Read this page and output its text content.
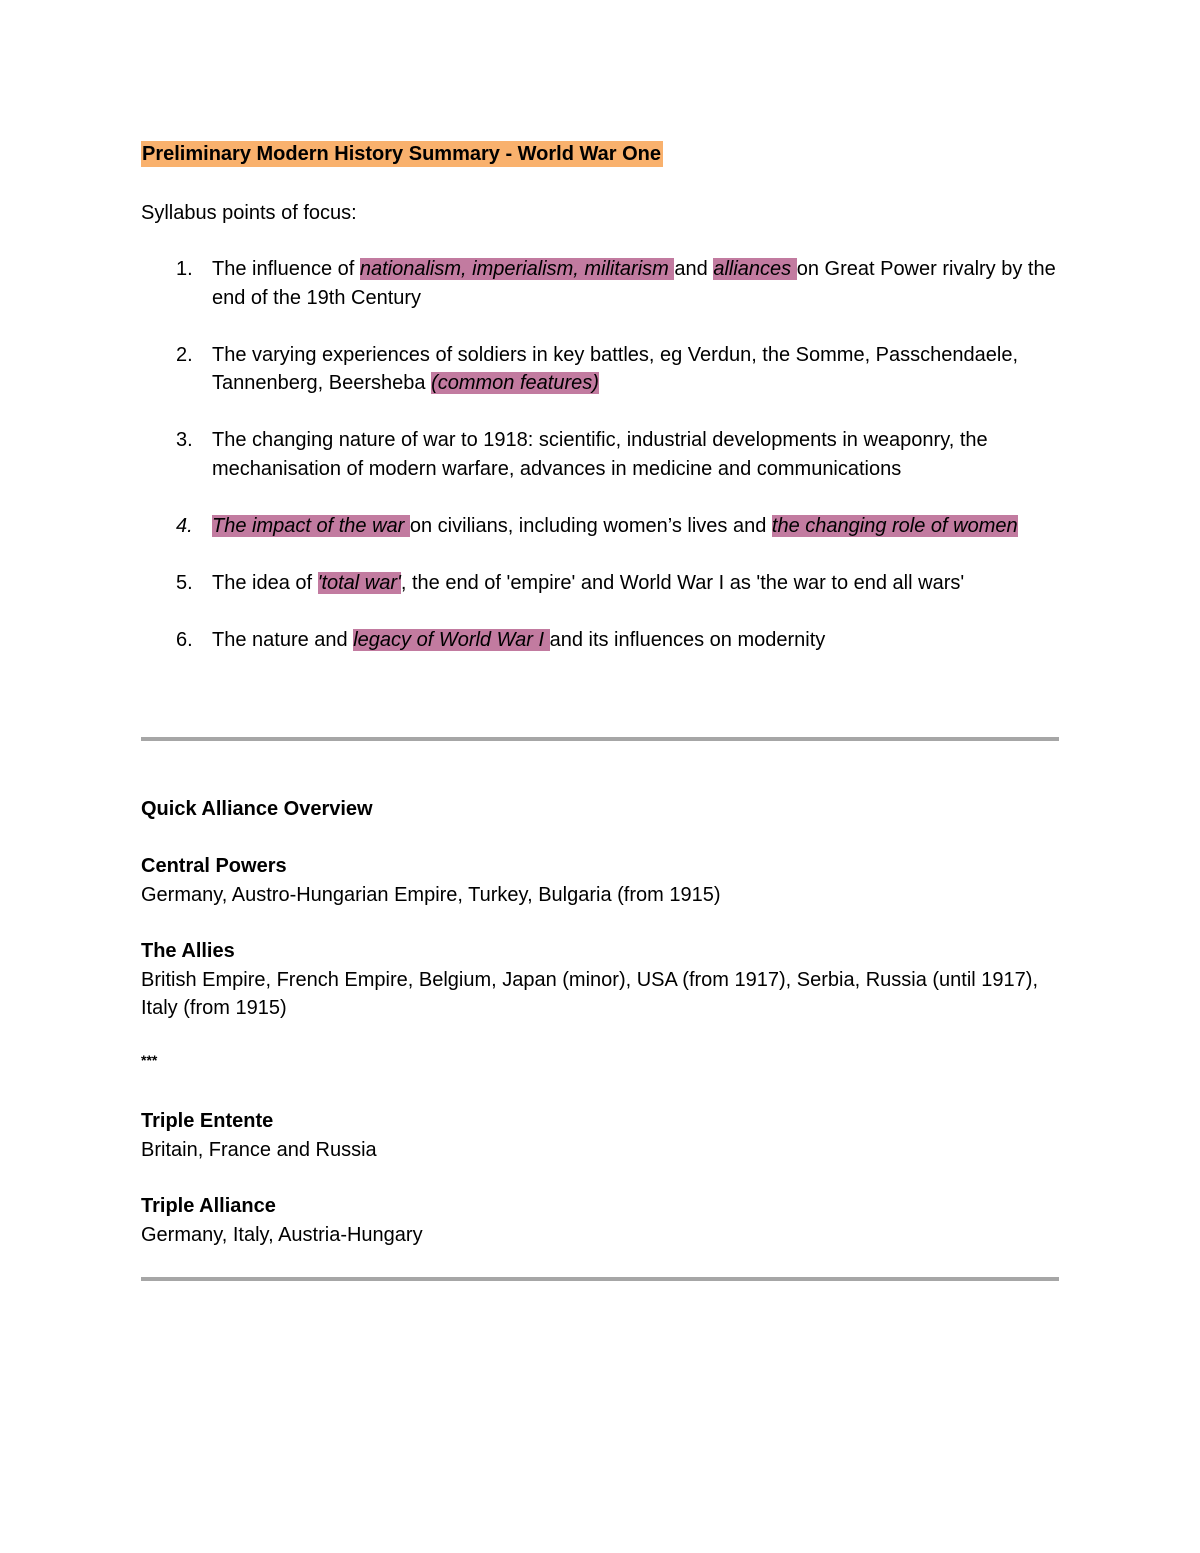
Preliminary Modern History Summary - World War One
Syllabus points of focus:
1. The influence of nationalism, imperialism, militarism and alliances on Great Power rivalry by the end of the 19th Century
2. The varying experiences of soldiers in key battles, eg Verdun, the Somme, Passchendaele, Tannenberg, Beersheba (common features)
3. The changing nature of war to 1918: scientific, industrial developments in weaponry, the mechanisation of modern warfare, advances in medicine and communications
4. The impact of the war on civilians, including women’s lives and the changing role of women
5. The idea of 'total war', the end of 'empire' and World War I as 'the war to end all wars'
6. The nature and legacy of World War I and its influences on modernity
Quick Alliance Overview
Central Powers
Germany, Austro-Hungarian Empire, Turkey, Bulgaria (from 1915)
The Allies
British Empire, French Empire, Belgium, Japan (minor), USA (from 1917), Serbia, Russia (until 1917), Italy (from 1915)
***
Triple Entente
Britain, France and Russia
Triple Alliance
Germany, Italy, Austria-Hungary
